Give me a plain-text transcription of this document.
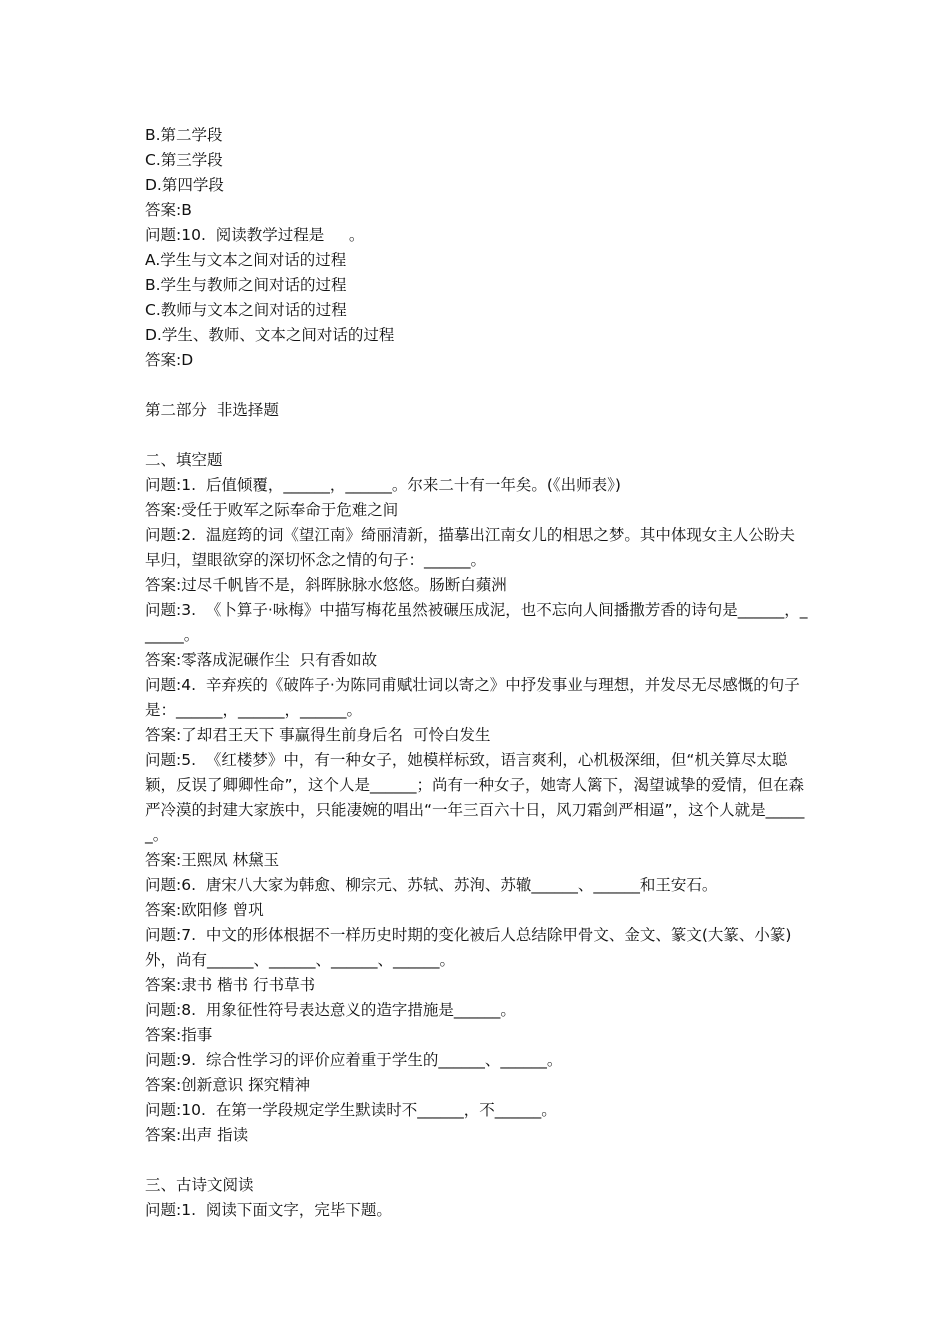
B.第二学段
C.第三学段
D.第四学段
答案:B
问题:10.  阅读教学过程是     。
A.学生与文本之间对话的过程
B.学生与教师之间对话的过程
C.教师与文本之间对话的过程
D.学生、教师、文本之间对话的过程
答案:D
第二部分  非选择题
二、填空题
问题:1.  后值倾覆，______，______。尔来二十有一年矣。(《出师表》)
答案:受任于败军之际奉命于危难之间
问题:2.  温庭筠的词《望江南》绮丽清新，描摹出江南女儿的相思之梦。其中体现女主人公盼夫早归，望眼欲穿的深切怀念之情的句子：______。
答案:过尽千帆皆不是，斜晖脉脉水悠悠。肠断白蘋洲
问题:3.  《卜算子·咏梅》中描写梅花虽然被碾压成泥，也不忘向人间播撒芳香的诗句是______，______。
答案:零落成泥碾作尘  只有香如故
问题:4.  辛弃疾的《破阵子·为陈同甫赋壮词以寄之》中抒发事业与理想，并发尽无尽感慨的句子是：______，______，______。
答案:了却君王天下 事赢得生前身后名  可怜白发生
问题:5.  《红楼梦》中，有一种女子，她模样标致，语言爽利，心机极深细，但“机关算尽太聪颖，反误了卿卿性命”，这个人是______；尚有一种女子，她寄人篱下，渴望诚挚的爱情，但在森严冷漠的封建大家族中，只能凄婉的唱出“一年三百六十日，风刀霜剑严相逼”，这个人就是______。
答案:王熙凤 林黛玉
问题:6.  唐宋八大家为韩愈、柳宗元、苏轼、苏洵、苏辙______、______和王安石。
答案:欧阳修 曾巩
问题:7.  中文的形体根据不一样历史时期的变化被后人总结除甲骨文、金文、篆文(大篆、小篆)外，尚有______、______、______、______。
答案:隶书 楷书 行书草书
问题:8.  用象征性符号表达意义的造字措施是______。
答案:指事
问题:9.  综合性学习的评价应着重于学生的______、______。
答案:创新意识 探究精神
问题:10.  在第一学段规定学生默读时不______，不______。
答案:出声 指读
三、古诗文阅读
问题:1.  阅读下面文字，完毕下题。
